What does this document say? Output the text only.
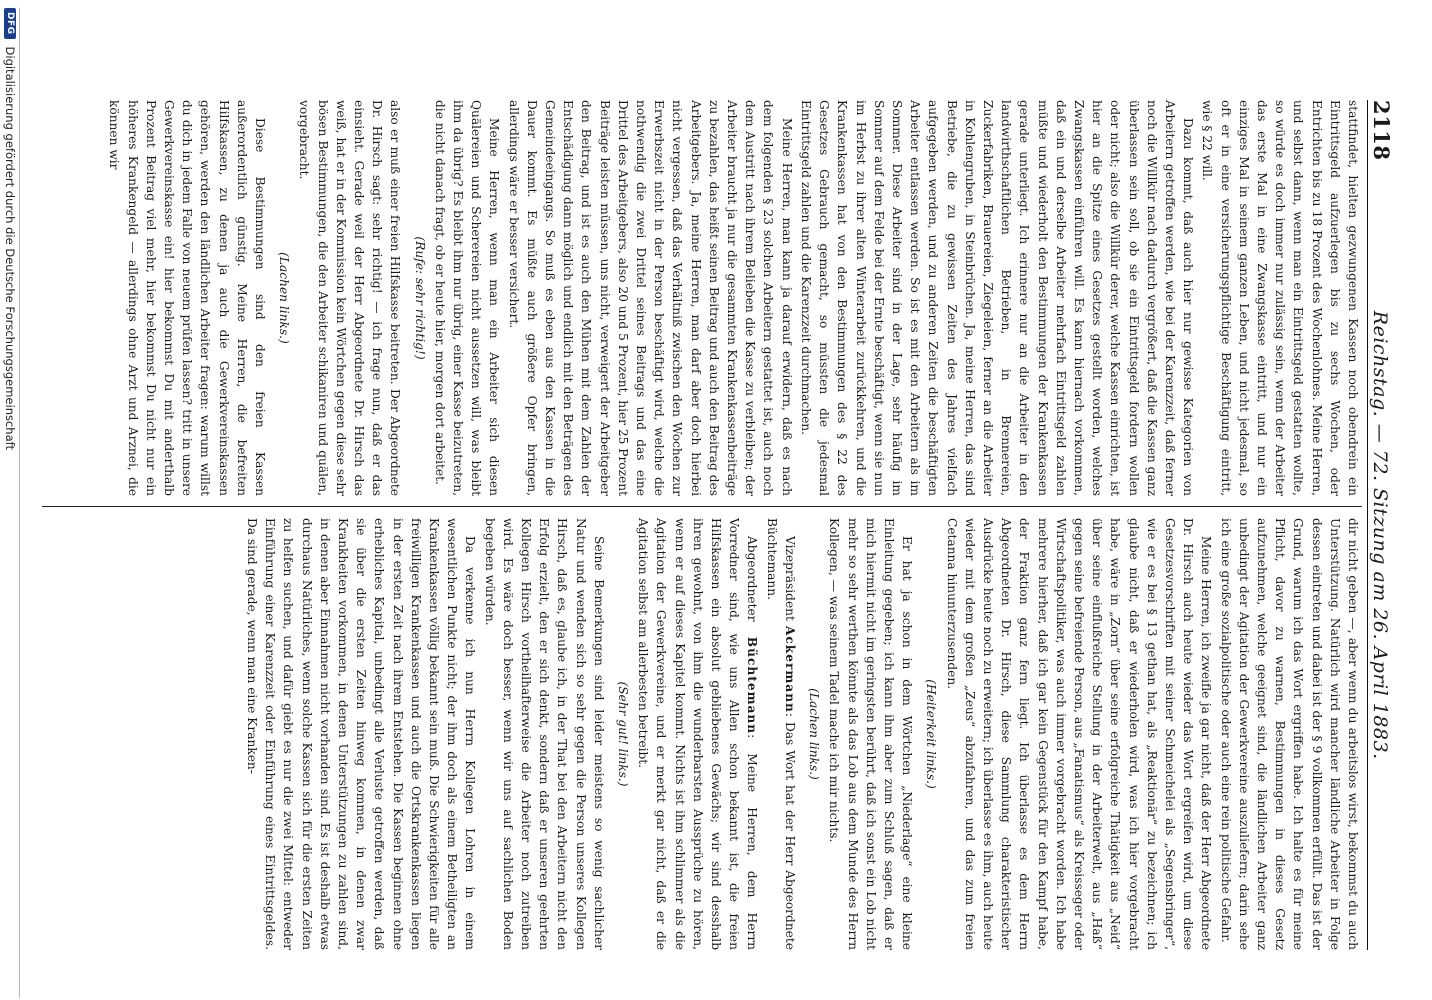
2118
Reichstag. — 72. Sitzung am 26. April 1883.

stattfindet, hielten gezwungenen Kassen noch obendrein ein Eintrittsgeld aufzuerlegen bis zu sechs Wochen, oder Entrichten bis zu 18 Prozent des Wochenlohnes. Meine Herren, und selbst dann, wenn man ein Eintrittsgeld gestatten wollte, so würde es doch immer nur zulässig sein, wenn der Arbeiter das erste Mal in eine Zwangskasse eintritt, und nur ein einziges Mal in seinem ganzen Leben, und nicht jedesmal, so oft er in eine versicherungspflichtige Beschäftigung eintritt, wie § 22 will.

Dazu kommt, daß auch hier nur gewisse Kategorien von Arbeitern getroffen werden, wie bei der Karenzzeit, daß ferner noch die Willkür nach dadurch vergrößert, daß die Kassen ganz überlassen sein soll, ob sie ein Eintrittsgeld fordern wollen oder nicht; also die Willkür derer, welche Kassen einrichten, ist hier an die Spitze eines Gesetzes gestellt worden, welches Zwangskassen einführen will. Es kann hiernach vorkommen, daß ein und derselbe Arbeiter mehrfach Eintrittsgeld zahlen müßte und wiederholt den Bestimmungen der Krankenkassen gerade unterliegt. Ich erinnere nur an die Arbeiter in den landwirthschaftlichen Betrieben, in Brennereien, Zuckerfabriken, Brauereien, Ziegeleien, ferner an die Arbeiter in Kohlengruben, in Steinbrüchen. Ja, meine Herren, das sind Betriebe, die zu gewissen Zeiten des Jahres vielfach aufgegeben werden, und zu anderen Zeiten die beschäftigten Arbeiter entlassen werden. So ist es mit den Arbeitern als im Sommer. Diese Arbeiter sind in der Lage, sehr häufig im Sommer auf dem Felde bei der Ernte beschäftigt, wenn sie nun im Herbst zu ihrer alten Winterarbeit zurückkehren, und die Krankenkassen hat von den Bestimmungen des § 22 des Gesetzes Gebrauch gemacht, so müssten die jedesmal Eintrittsgeld zahlen und die Karenzzeit durchmachen.

Meine Herren, man kann ja darauf erwidern, daß es nach dem folgenden § 23 solchen Arbeitern gestattet ist, auch noch dem Austritt nach ihrem Belieben die Kasse zu verbleiben; der Arbeiter braucht ja nur die gesammten Krankenkassenbeiträge zu bezahlen, das heißt seinen Beitrag und auch den Beitrag des Arbeitgebers. Ja, meine Herren, man darf aber doch hierbei nicht vergessen, daß das Verhältniß zwischen den Wochen zur Erwerbszeit nicht in der Person beschäftigt wird, welche die nothwendig die zwei Drittel seines Beitrags und das eine Drittel des Arbeitgebers, also 20 und 5 Prozent, hier 25 Prozent Beiträge leisten müssen, uns nicht, verweigert der Arbeitgeber den Beitrag, und ist es auch den Mühen mit dem Zahlen der Entschädigung dann möglich und endlich mit den Beträgen des Gemeindeeingangs. So muß es eben aus den Kassen in die Dauer kommt. Es müßte auch größere Opfer bringen, allerdings wäre er besser versichert.

Meine Herren, wenn man ein Arbeiter sich diesen Quälereien und Scherereien nicht aussetzen will, was bleibt ihm da übrig? Es bleibt ihm nur übrig, einer Kasse beizutreten, die nicht danach fragt, ob er heute hier, morgen dort arbeitet.

(Rufe: sehr richtig!)

also er muß einer freien Hilfskasse beitreten. Der Abgeordnete Dr. Hirsch sagt: sehr richtig! — ich frage nun, daß er das einsieht. Gerade weil der Herr Abgeordnete Dr. Hirsch das weiß, hat er in der Kommission kein Wörtchen gegen diese sehr bösen Bestimmungen, die den Arbeiter schikaniren und quälen, vorgebracht.

(Lachen links.)

Diese Bestimmungen sind den freien Kassen außerordentlich günstig. Meine Herren, die befreiten Hilfskassen, zu denen ja auch die Gewerkvereinskassen gehören, werden den ländlichen Arbeiter fragen: warum willst du dich in jedem Falle von neuem prüfen lassen? tritt in unsere Gewerkvereinskasse ein! hier bekommst Du mit anderthalb Prozent Beitrag viel mehr, hier bekommst Du nicht nur ein höheres Krankengeld — allerdings ohne Arzt und Arznei, die können wir

dir nicht geben —, aber wenn du arbeitslos wirst, bekommst du auch Unterstützung. Natürlich wird mancher ländliche Arbeiter in Folge dessen eintreten und dabei ist der § 9 vollkommen erfüllt. Das ist der Grund, warum ich das Wort ergriffen habe. Ich halte es für meine Pflicht, davor zu warnen, Bestimmungen in dieses Gesetz aufzunehmen, welche geeignet sind, die ländlichen Arbeiter ganz unbedingt der Agitation der Gewerkvereine auszuliefern; darin sehe ich eine große sozialpolitische oder auch eine rein politische Gefahr.

Meine Herren, ich zweifle ja gar nicht, daß der Herr Abgeordnete Dr. Hirsch auch heute wieder das Wort ergreifen wird, um diese Gesetzesvorschriften mit seiner Schmeichelei als „Segensbringer“, wie er es bei § 13 gethan hat, als „Reaktionär“ zu bezeichnen; ich glaube nicht, daß er wiederholen wird, was ich hier vorgebracht habe, wäre in „Zorn“ über seine erfolgreiche Thätigkeit aus „Neid“ über seine einflußreiche Stellung in der Arbeiterwelt, aus „Haß“ gegen seine befreiende Person, aus „Fanatismus“ als Kreisseger oder Wirtschaftspolitiker, was auch immer vorgebracht worden. Ich habe mehrere hierher, daß ich gar kein Gegenstück für den Kampf habe, der Fraktion ganz fern liegt. Ich überlasse es dem Herrn Abgeordneten Dr. Hirsch, diese Sammlung charakteristischer Ausdrücke heute noch zu erweitern; ich überlasse es ihm, auch heute wieder mit dem großen „Zeus“ abzufahren, und das zum freien Cetanna hinunterzusenden.

(Heiterkeit links.)

Er hat ja schon in dem Wörtchen „Niederlage“ eine kleine Einleitung gegeben; ich kann ihm aber zum Schluß sagen, daß er mich hiermit nicht im geringsten berührt, daß ich sonst ein Lob nicht mehr so sehr werthen könnte als das Lob aus dem Munde des Herrn Kollegen, — was seinem Tadel mache ich mir nichts.

(Lachen links.)

Vizepräsident Ackermann: Das Wort hat der Herr Abgeordnete Büchtemann.

Abgeordneter Büchtemann: Meine Herren, dem Herrn Vorredner sind, wie uns Allen schon bekannt ist, die freien Hilfskassen ein absolut gebliebenes Gewächs; wir sind desshalb ihren gewohnt, von ihm die wunderbarsten Aussprüche zu hören, wenn er auf dieses Kapitel kommt. Nichts ist ihm schlimmer als die Agitation der Gewerkvereine, und er merkt gar nicht, daß er die Agitation selbst am allerbesten betreibt.

(Sehr gut! links.)

Seine Bemerkungen sind leider meistens so wenig sachlicher Natur und wenden sich so sehr gegen die Person unseres Kollegen Hirsch, daß es, glaube ich, in der That bei den Arbeitern nicht den Erfolg erzielt, den er sich denkt, sondern daß er unseren geehrten Kollegen Hirsch vortheilhafterweise die Arbeiter noch zutreiben wird. Es wäre doch besser, wenn wir uns auf sachlichen Boden begeben würden.

Da verkenne ich nun Herrn Kollegen Lohren in einem wesentlichen Punkte nicht; der ihm doch als einem Betheiligten an Krankenkassen völlig bekannt sein muß. Die Schwierigkeiten für alle freiwilligen Krankenkassen und auch die Ortskrankenkassen liegen in der ersten Zeit nach ihrem Entstehen. Die Kassen beginnen ohne erhebliches Kapital, unbedingt alle Verluste getroffen werden, daß sie über die ersten Zeiten hinweg kommen, in denen zwar Krankheiten vorkommen, in denen Unterstützungen zu zahlen sind, in denen aber Einnahmen nicht vorhanden sind. Es ist deshalb etwas durchaus Natürliches, wenn solche Kassen sich für die ersten Zeiten zu helfen suchen, und dafür giebt es nur die zwei Mittel: entweder Einführung einer Karenzzeit oder Einführung eines Eintrittsgeldes. Da sind gerade, wenn man eine Kranken-

DFG
Digitalisierung gefördert durch die Deutsche Forschungsgemeinschaft
